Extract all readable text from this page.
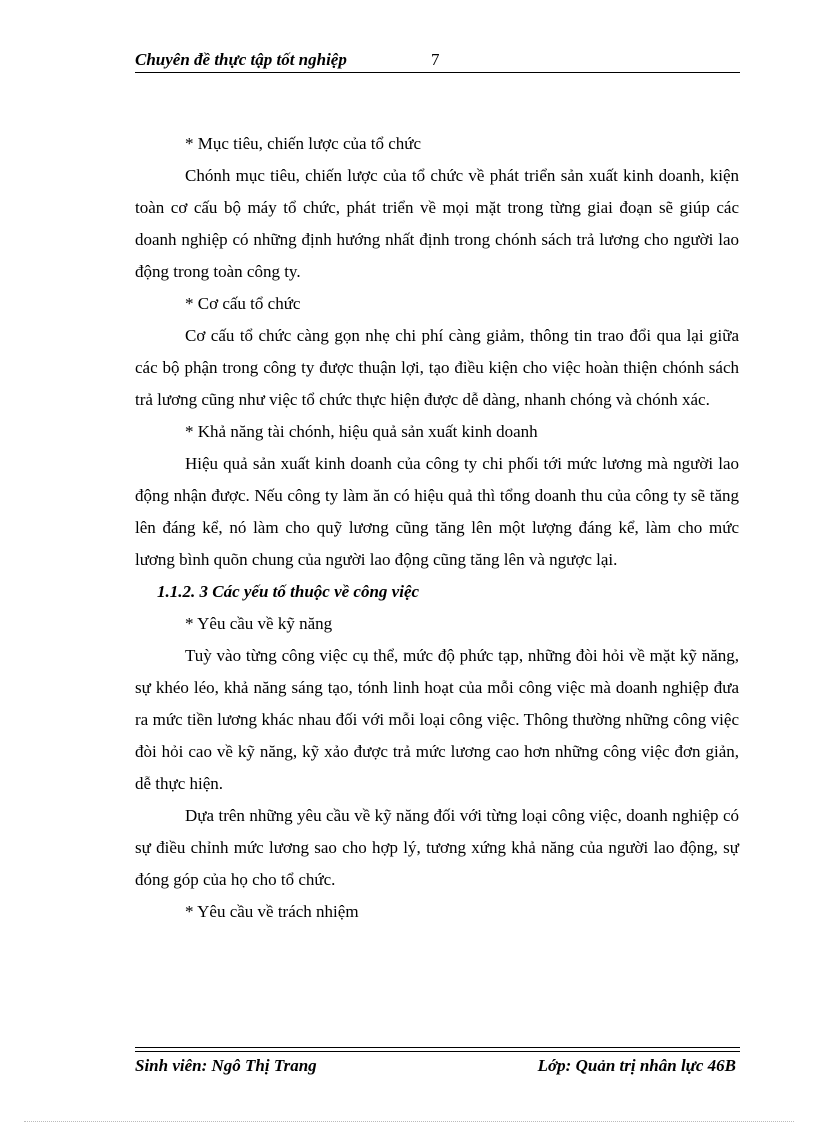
Chuyên đề thực tập tốt nghiệp	7

* Mục tiêu, chiến lược của tổ chức

Chónh mục tiêu, chiến lược của tổ chức về phát triển sản xuất kinh doanh, kiện toàn cơ cấu bộ máy tổ chức, phát triển về mọi mặt trong từng giai đoạn sẽ giúp các doanh nghiệp có những định hướng nhất định trong chónh sách trả lương cho người lao động trong toàn công ty.

* Cơ cấu tổ chức

Cơ cấu tổ chức càng gọn nhẹ chi phí càng giảm, thông tin trao đổi qua lại giữa các bộ phận trong công ty được thuận lợi, tạo điều kiện cho việc hoàn thiện chónh sách trả lương cũng như việc tổ chức thực hiện được dễ dàng, nhanh chóng và chónh xác.

* Khả năng tài chónh, hiệu quả sản xuất kinh doanh

Hiệu quả sản xuất kinh doanh của công ty chi phối tới mức lương mà người lao động nhận được. Nếu công ty làm ăn có hiệu quả thì tổng doanh thu của công ty sẽ tăng lên đáng kể, nó làm cho quỹ lương cũng tăng lên một lượng đáng kể, làm cho mức lương bình quõn chung của người lao động cũng tăng lên và ngược lại.

1.1.2. 3 Các yếu tố thuộc về công việc

* Yêu cầu về kỹ năng

Tuỳ vào từng công việc cụ thể, mức độ phức tạp, những đòi hỏi về mặt kỹ năng, sự khéo léo, khả năng sáng tạo, tónh linh hoạt của mỗi công việc mà doanh nghiệp đưa ra mức tiền lương khác nhau đối với mỗi loại công việc. Thông thường những công việc đòi hỏi cao về kỹ năng, kỹ xảo được trả mức lương cao hơn những công việc đơn giản, dễ thực hiện.

Dựa trên những yêu cầu về kỹ năng đối với từng loại công việc, doanh nghiệp có sự điều chỉnh mức lương sao cho hợp lý, tương xứng khả năng của người lao động, sự đóng góp của họ cho tổ chức.

* Yêu cầu về trách nhiệm

Sinh viên: Ngô Thị Trang	Lớp: Quản trị nhân lực 46B
